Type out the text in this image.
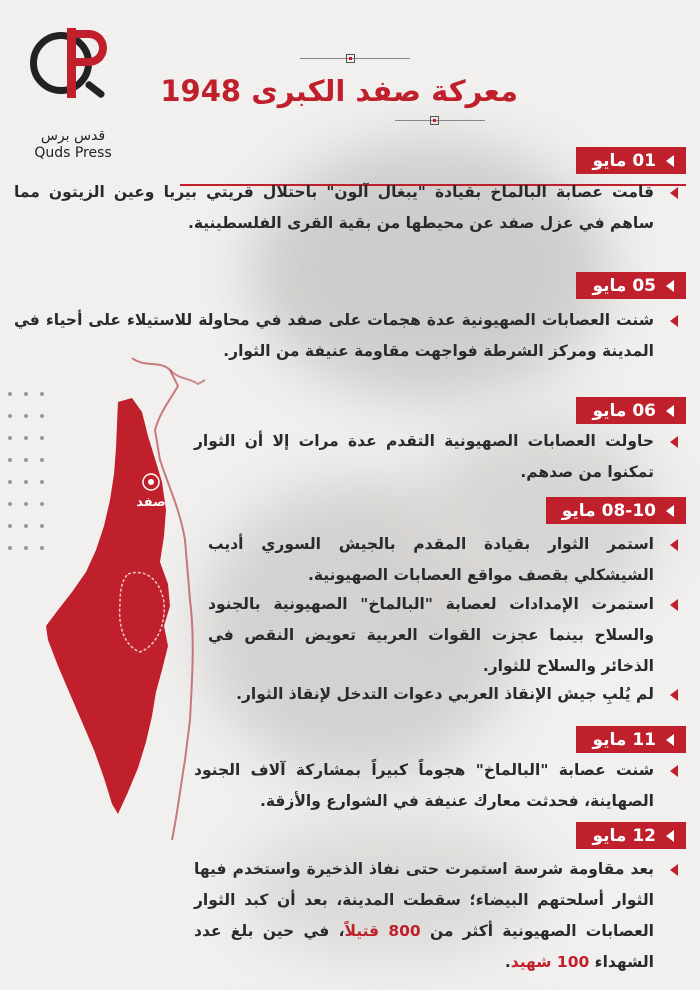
قدس برس
Quds Press
معركة صفد الكبرى 1948
صفد
01 مايو

قامت عصابة البالماخ بقيادة "يبغال آلون" باحتلال قريتي بيريا وعين الزيتون مما ساهم في عزل صفد عن محيطها من بقية القرى الفلسطينية.

05 مايو

شنت العصابات الصهيونية عدة هجمات على صفد في محاولة للاستيلاء على أحياء في المدينة ومركز الشرطة فواجهت مقاومة عنيفة من الثوار.

06 مايو

حاولت العصابات الصهيونية التقدم عدة مرات إلا أن الثوار تمكنوا من صدهم.

08-10 مايو

استمر الثوار بقيادة المقدم بالجيش السوري أديب الشيشكلي بقصف مواقع العصابات الصهيونية.

استمرت الإمدادات لعصابة "البالماخ" الصهيونية بالجنود والسلاح بينما عجزت القوات العربية تعويض النقص في الذخائر والسلاح للثوار.

لم يُلبِ جيش الإنقاذ العربي دعوات التدخل لإنقاذ الثوار.

11 مايو

شنت عصابة "البالماخ" هجوماً كبيراً بمشاركة آلاف الجنود الصهاينة، فحدثت معارك عنيفة في الشوارع والأزقة.

12 مايو

بعد مقاومة شرسة استمرت حتى نفاذ الذخيرة واستخدم فيها الثوار أسلحتهم البيضاء؛ سقطت المدينة، بعد أن كبد الثوار العصابات الصهيونية أكثر من 800 قتيلاً، في حين بلغ عدد الشهداء 100 شهيد.
